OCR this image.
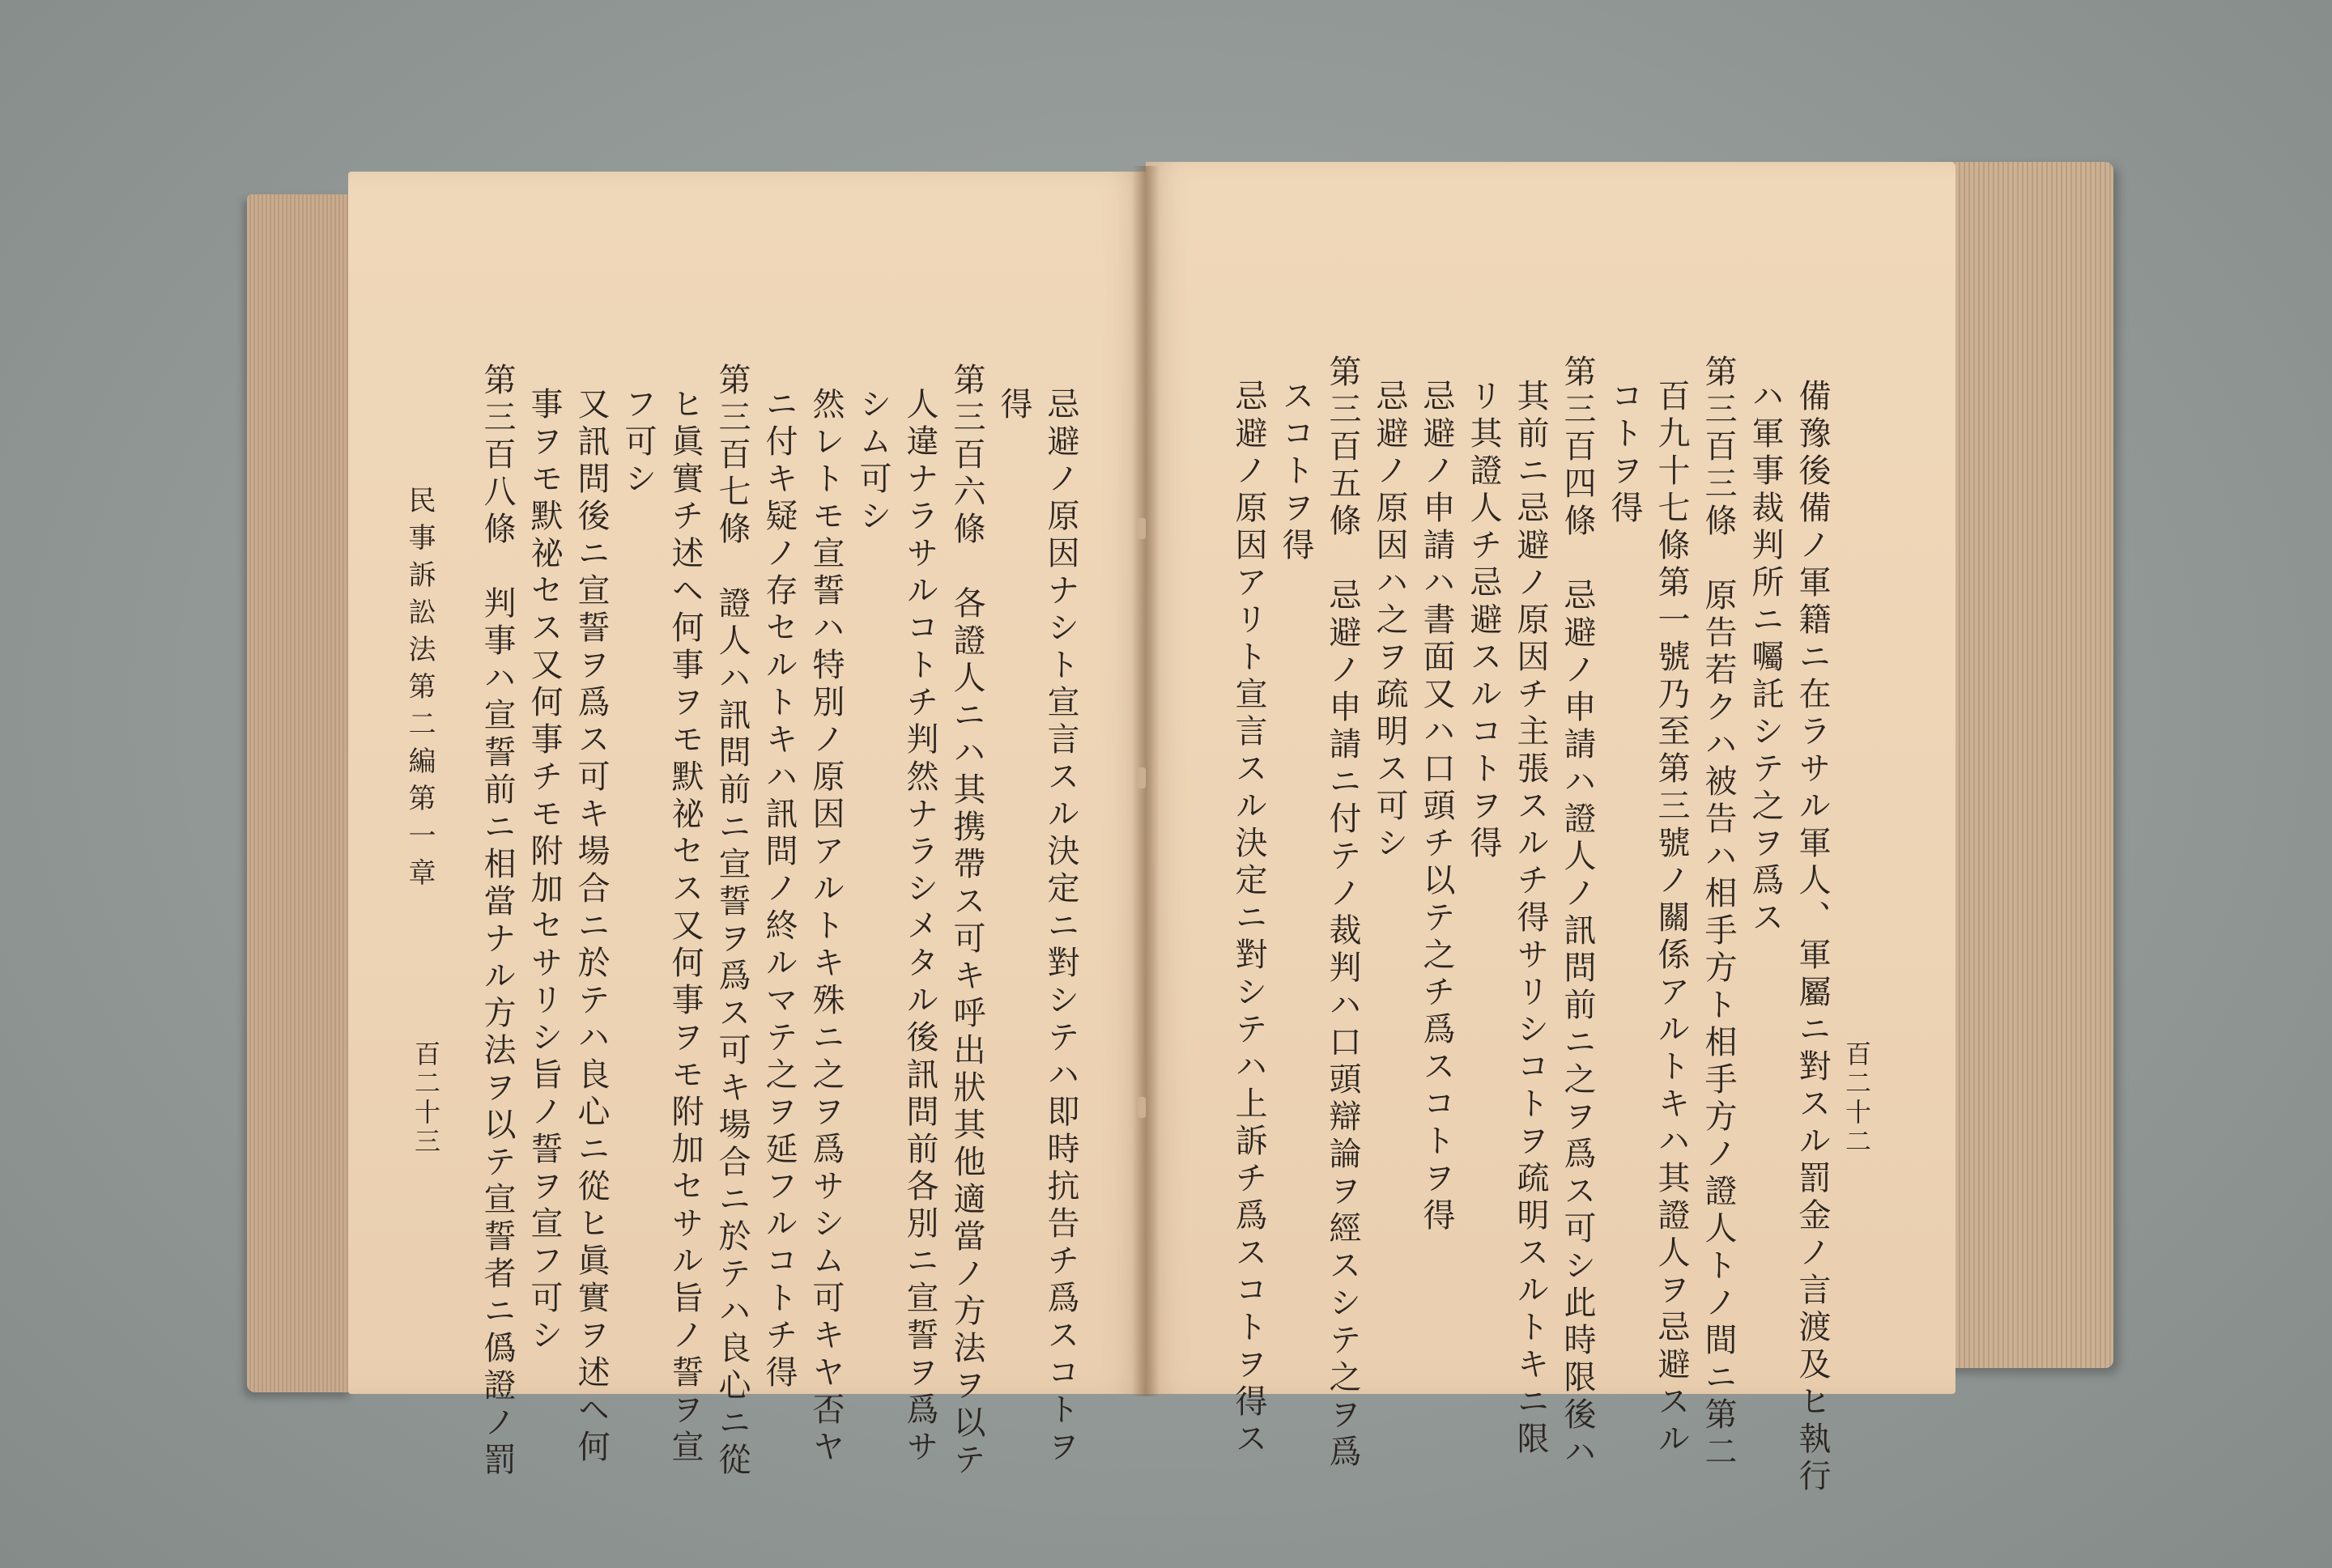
百二十二
備豫後備ノ軍籍ニ在ラサル軍人、軍屬ニ對スル罰金ノ言渡及ヒ執行
ハ軍事裁判所ニ囑託シテ之ヲ爲ス
第三百三條　原告若クハ被告ハ相手方ト相手方ノ證人トノ間ニ第二
百九十七條第一號乃至第三號ノ關係アルトキハ其證人ヲ忌避スル
コトヲ得
第三百四條　忌避ノ申請ハ證人ノ訊問前ニ之ヲ爲ス可シ此時限後ハ
其前ニ忌避ノ原因チ主張スルチ得サリシコトヲ疏明スルトキニ限
リ其證人チ忌避スルコトヲ得
忌避ノ申請ハ書面又ハ口頭チ以テ之チ爲スコトヲ得
忌避ノ原因ハ之ヲ疏明ス可シ
百二十三
民事訴訟法第二編第一章	忌避ノ原因ナシト宣言スル決定ニ對シテハ即時抗告チ爲スコトヲ
得
第三百六條　各證人ニハ其携帶ス可キ呼出狀其他適當ノ方法ヲ以テ
人違ナラサルコトチ判然ナラシメタル後訊問前各別ニ宣誓ヲ爲サ
シム可シ
然レトモ宣誓ハ特別ノ原因アルトキ殊ニ之ヲ爲サシム可キヤ否ヤ
ニ付キ疑ノ存セルトキハ訊問ノ終ルマテ之ヲ延フルコトチ得
第三百七條　證人ハ訊問前ニ宣誓ヲ爲ス可キ場合ニ於テハ良心ニ從
ヒ眞實チ述ヘ何事ヲモ默祕セス又何事ヲモ附加セサル旨ノ誓ヲ宣
フ可シ
又訊問後ニ宣誓ヲ爲ス可キ場合ニ於テハ良心ニ從ヒ眞實ヲ述ヘ何
事ヲモ默祕セス又何事チモ附加セサリシ旨ノ誓ヲ宣フ可シ
第三百八條　判事ハ宣誓前ニ相當ナル方法ヲ以テ宣誓者ニ僞證ノ罰	第三百五條　忌避ノ申請ニ付テノ裁判ハ口頭辯論ヲ經スシテ之ヲ爲
スコトヲ得
忌避ノ原因アリト宣言スル決定ニ對シテハ上訴チ爲スコトヲ得ス
